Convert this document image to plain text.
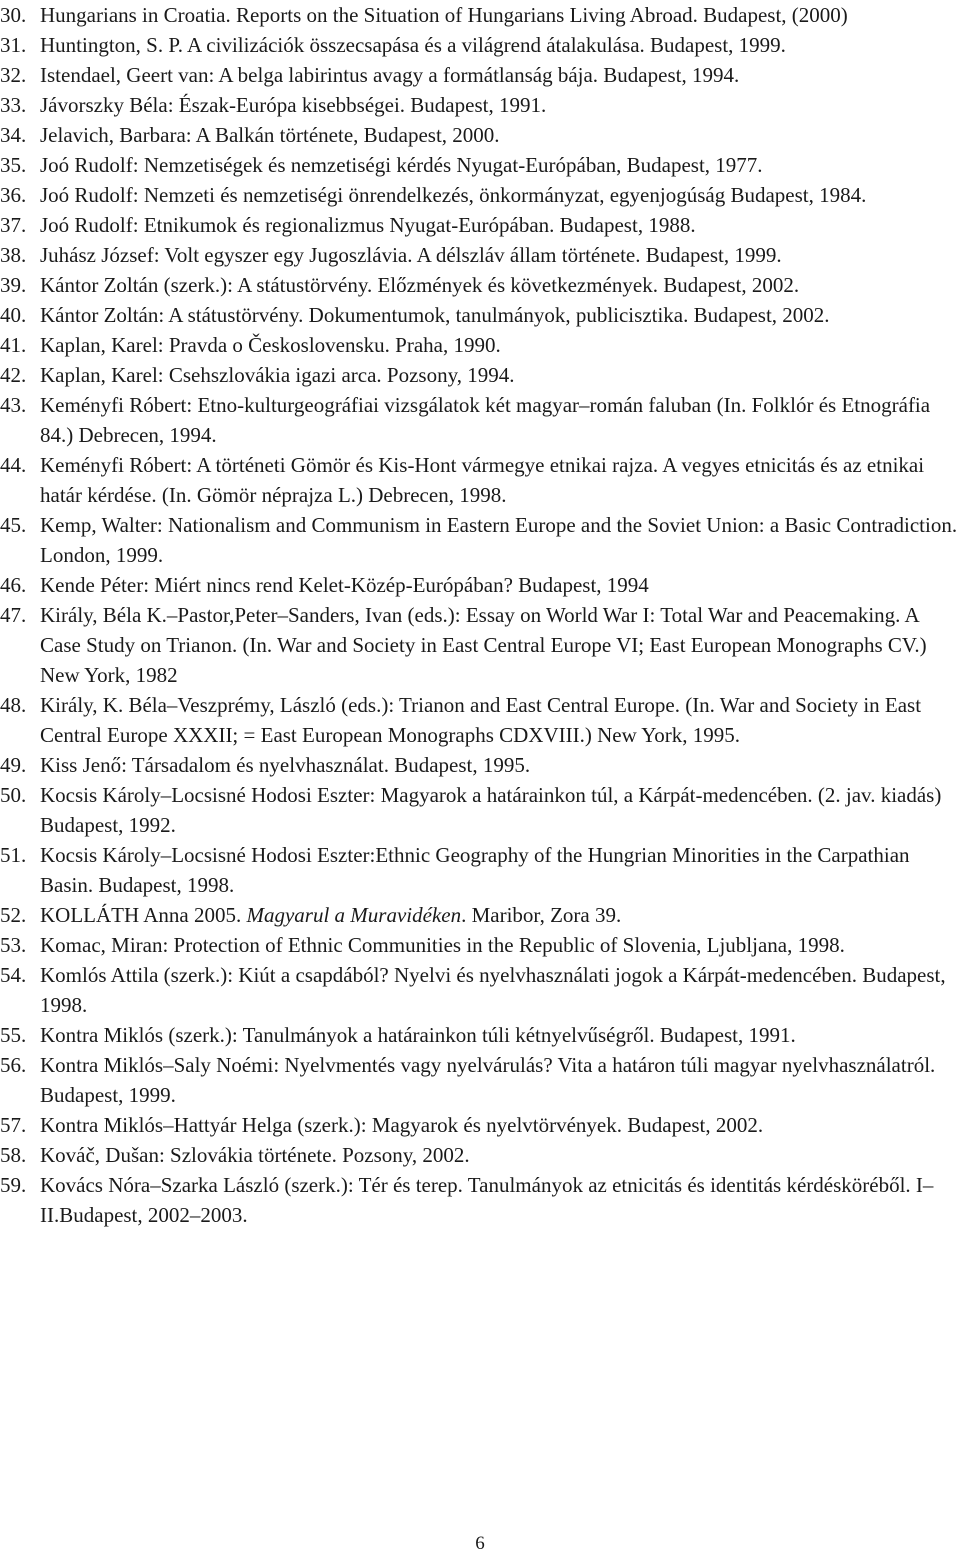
30. Hungarians in Croatia. Reports on the Situation of Hungarians Living Abroad. Budapest, (2000)
31. Huntington, S. P. A civilizációk összecsapása és a világrend átalakulása. Budapest, 1999.
32. Istendael, Geert van: A belga labirintus avagy a formátlanság bája. Budapest, 1994.
33. Jávorszky Béla: Észak-Európa kisebbségei. Budapest, 1991.
34. Jelavich, Barbara: A Balkán története, Budapest, 2000.
35. Joó Rudolf: Nemzetiségek és nemzetiségi kérdés Nyugat-Európában, Budapest, 1977.
36. Joó Rudolf: Nemzeti és nemzetiségi önrendelkezés, önkormányzat, egyenjogúság Budapest, 1984.
37. Joó Rudolf: Etnikumok és regionalizmus Nyugat-Európában. Budapest, 1988.
38. Juhász József: Volt egyszer egy Jugoszlávia. A délszláv állam története. Budapest, 1999.
39. Kántor Zoltán (szerk.): A státustörvény. Előzmények és következmények. Budapest, 2002.
40. Kántor Zoltán: A státustörvény. Dokumentumok, tanulmányok, publicisztika. Budapest, 2002.
41. Kaplan, Karel: Pravda o Československu. Praha, 1990.
42. Kaplan, Karel: Csehszlovákia igazi arca. Pozsony, 1994.
43. Keményfi Róbert: Etno-kulturgeográfiai vizsgálatok két magyar–román faluban (In. Folklór és Etnográfia 84.) Debrecen, 1994.
44. Keményfi Róbert: A történeti Gömör és Kis-Hont vármegye etnikai rajza. A vegyes etnicitás és az etnikai határ kérdése. (In. Gömör néprajza L.) Debrecen, 1998.
45. Kemp, Walter: Nationalism and Communism in Eastern Europe and the Soviet Union: a Basic Contradiction. London, 1999.
46. Kende Péter: Miért nincs rend Kelet-Közép-Európában? Budapest, 1994
47. Király, Béla K.–Pastor,Peter–Sanders, Ivan (eds.): Essay on World War I: Total War and Peacemaking. A Case Study on Trianon. (In. War and Society in East Central Europe VI; East European Monographs CV.) New York, 1982
48. Király, K. Béla–Veszprémy, László (eds.): Trianon and East Central Europe. (In. War and Society in East Central Europe XXXII; = East European Monographs CDXVIII.) New York, 1995.
49. Kiss Jenő: Társadalom és nyelvhasználat. Budapest, 1995.
50. Kocsis Károly–Locsisné Hodosi Eszter: Magyarok a határainkon túl, a Kárpát-medencében. (2. jav. kiadás) Budapest, 1992.
51. Kocsis Károly–Locsisné Hodosi Eszter:Ethnic Geography of the Hungrian Minorities in the Carpathian Basin. Budapest, 1998.
52. KOLLÁTH Anna 2005. Magyarul a Muravidéken. Maribor, Zora 39.
53. Komac, Miran: Protection of Ethnic Communities in the Republic of Slovenia, Ljubljana, 1998.
54. Komlós Attila (szerk.): Kiút a csapdából? Nyelvi és nyelvhasználati jogok a Kárpát-medencében. Budapest, 1998.
55. Kontra Miklós (szerk.): Tanulmányok a határainkon túli kétnyelvűségről. Budapest, 1991.
56. Kontra Miklós–Saly Noémi: Nyelvmentés vagy nyelvárulás? Vita a határon túli magyar nyelvhasználatról. Budapest, 1999.
57. Kontra Miklós–Hattyár Helga (szerk.): Magyarok és nyelvtörvények. Budapest, 2002.
58. Kováč, Dušan: Szlovákia története. Pozsony, 2002.
59. Kovács Nóra–Szarka László (szerk.): Tér és terep. Tanulmányok az etnicitás és identitás kérdésköréből. I–II.Budapest, 2002–2003.
6
